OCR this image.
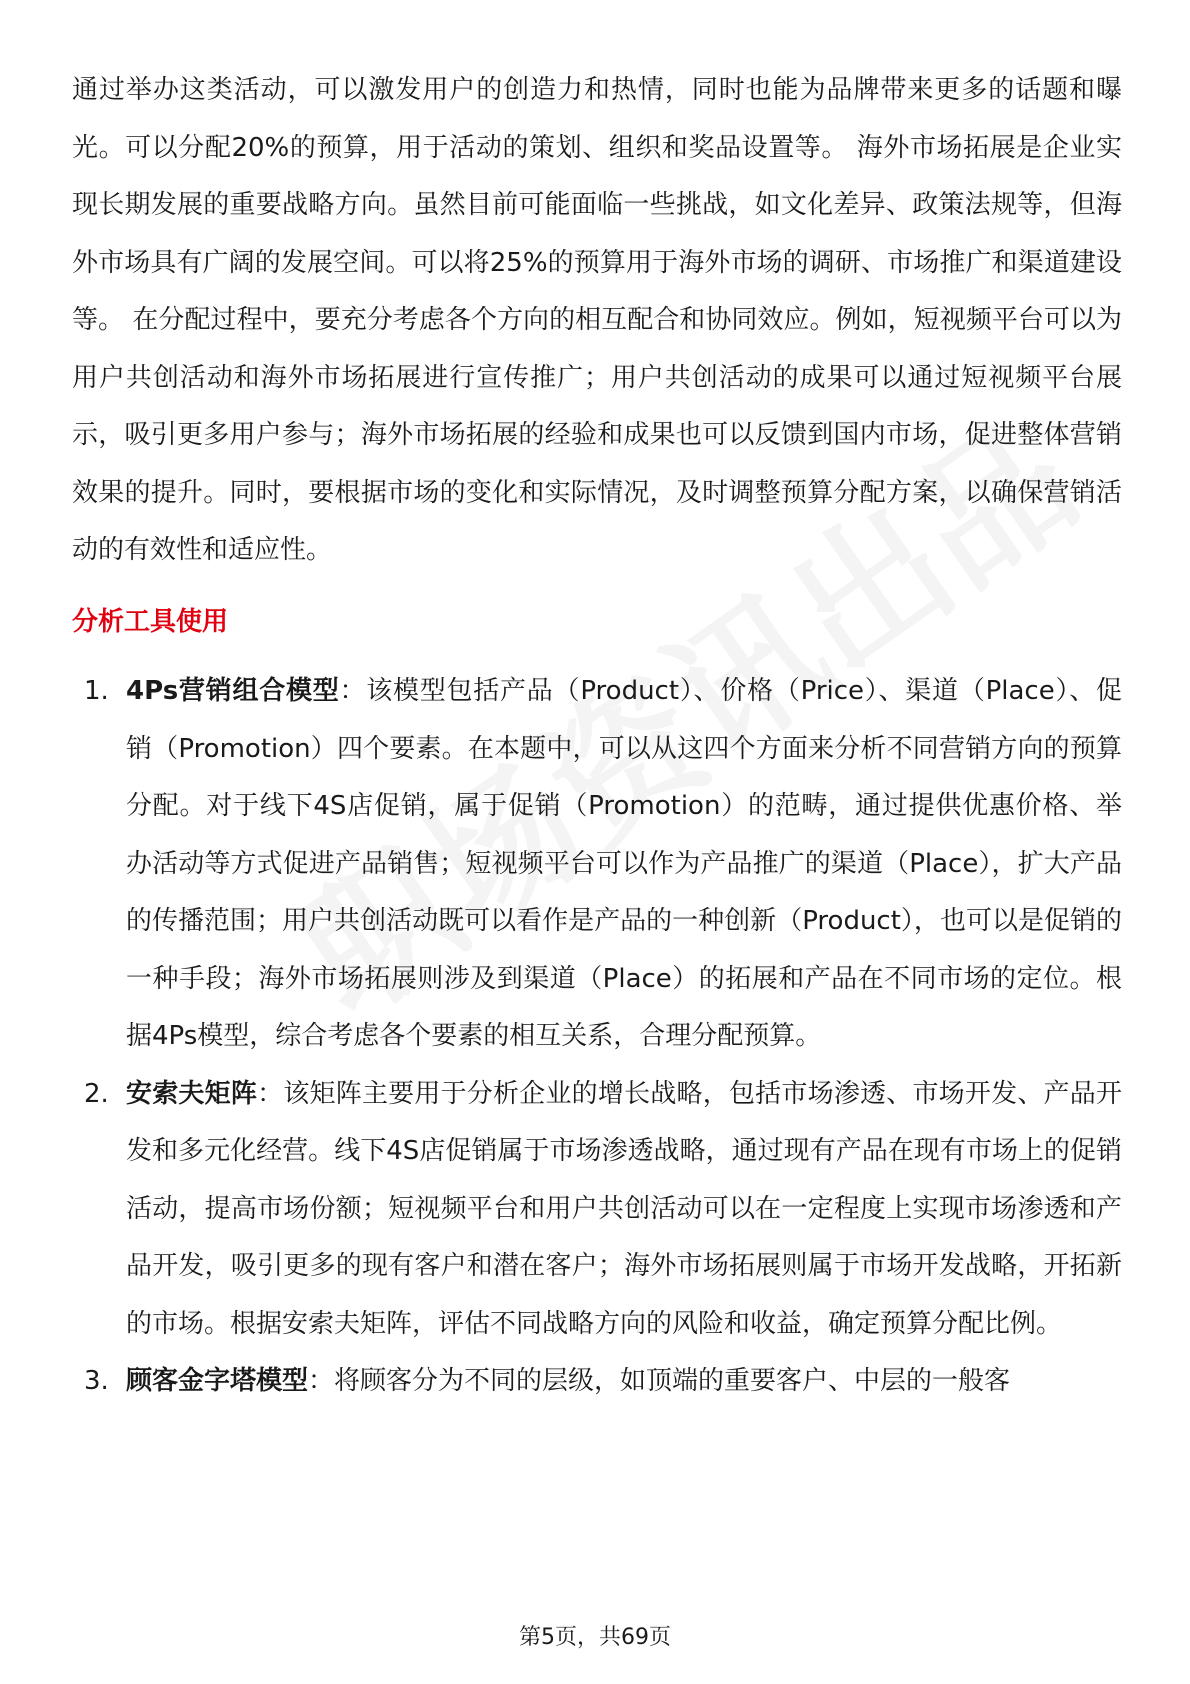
通过举办这类活动，可以激发用户的创造力和热情，同时也能为品牌带来更多的话题和曝光。可以分配20%的预算，用于活动的策划、组织和奖品设置等。 海外市场拓展是企业实现长期发展的重要战略方向。虽然目前可能面临一些挑战，如文化差异、政策法规等，但海外市场具有广阔的发展空间。可以将25%的预算用于海外市场的调研、市场推广和渠道建设等。 在分配过程中，要充分考虑各个方向的相互配合和协同效应。例如，短视频平台可以为用户共创活动和海外市场拓展进行宣传推广；用户共创活动的成果可以通过短视频平台展示，吸引更多用户参与；海外市场拓展的经验和成果也可以反馈到国内市场，促进整体营销效果的提升。同时，要根据市场的变化和实际情况，及时调整预算分配方案，以确保营销活动的有效性和适应性。

分析工具使用
1. 4Ps营销组合模型：该模型包括产品（Product）、价格（Price）、渠道（Place）、促销（Promotion）四个要素。在本题中，可以从这四个方面来分析不同营销方向的预算分配。对于线下4S店促销，属于促销（Promotion）的范畴，通过提供优惠价格、举办活动等方式促进产品销售；短视频平台可以作为产品推广的渠道（Place），扩大产品的传播范围；用户共创活动既可以看作是产品的一种创新（Product），也可以是促销的一种手段；海外市场拓展则涉及到渠道（Place）的拓展和产品在不同市场的定位。根据4Ps模型，综合考虑各个要素的相互关系，合理分配预算。
2. 安索夫矩阵：该矩阵主要用于分析企业的增长战略，包括市场渗透、市场开发、产品开发和多元化经营。线下4S店促销属于市场渗透战略，通过现有产品在现有市场上的促销活动，提高市场份额；短视频平台和用户共创活动可以在一定程度上实现市场渗透和产品开发，吸引更多的现有客户和潜在客户；海外市场拓展则属于市场开发战略，开拓新的市场。根据安索夫矩阵，评估不同战略方向的风险和收益，确定预算分配比例。
3. 顾客金字塔模型：将顾客分为不同的层级，如顶端的重要客户、中层的一般客
第5页，共69页
